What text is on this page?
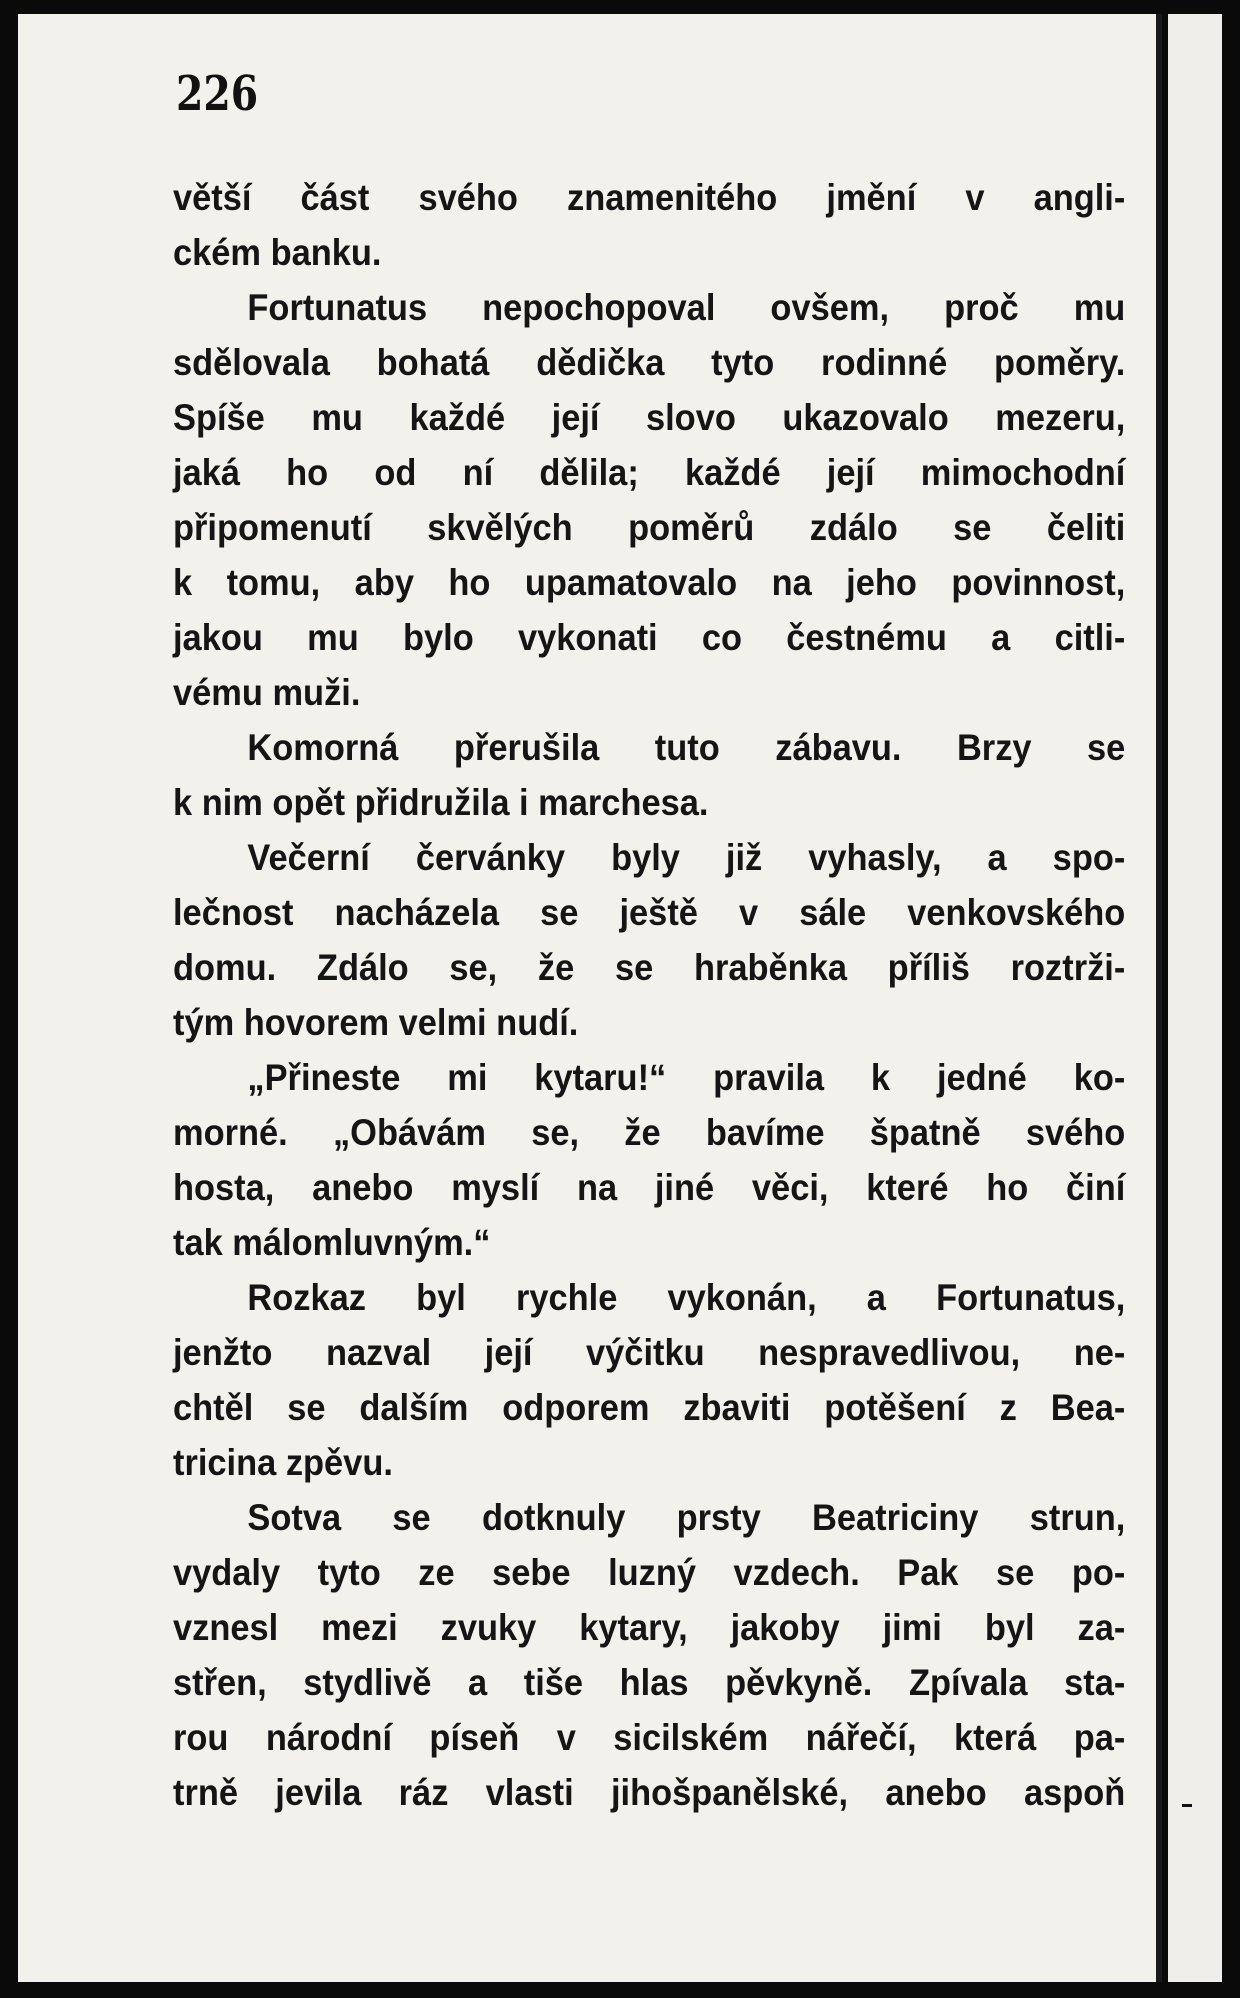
226
větší část svého znamenitého jmění v angli-
ckém banku.
Fortunatus nepochopoval ovšem, proč mu
sdělovala bohatá dědička tyto rodinné poměry.
Spíše mu každé její slovo ukazovalo mezeru,
jaká ho od ní dělila; každé její mimochodní
připomenutí skvělých poměrů zdálo se čeliti
k tomu, aby ho upamatovalo na jeho povinnost,
jakou mu bylo vykonati co čestnému a citli-
vému muži.
Komorná přerušila tuto zábavu. Brzy se
k nim opět přidružila i marchesa.
Večerní červánky byly již vyhasly, a spo-
lečnost nacházela se ještě v sále venkovského
domu. Zdálo se, že se hraběnka příliš roztrži-
tým hovorem velmi nudí.
„Přineste mi kytaru!“ pravila k jedné ko-
morné. „Obávám se, že bavíme špatně svého
hosta, anebo myslí na jiné věci, které ho činí
tak málomluvným.“
Rozkaz byl rychle vykonán, a Fortunatus,
jenžto nazval její výčitku nespravedlivou, ne-
chtěl se dalším odporem zbaviti potěšení z Bea-
tricina zpěvu.
Sotva se dotknuly prsty Beatriciny strun,
vydaly tyto ze sebe luzný vzdech. Pak se po-
vznesl mezi zvuky kytary, jakoby jimi byl za-
střen, stydlivě a tiše hlas pěvkyně. Zpívala sta-
rou národní píseň v sicilském nářečí, která pa-
trně jevila ráz vlasti jihošpanělské, anebo aspoň
